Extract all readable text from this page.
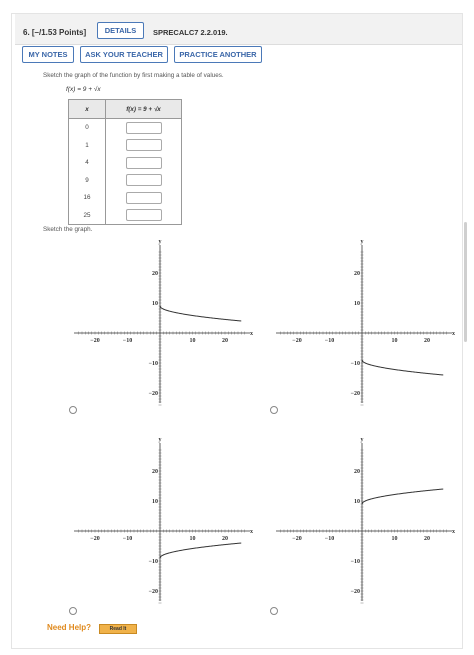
6. [–/1.53 Points]	DETAILS	SPRECALC7 2.2.019.
MY NOTES	ASK YOUR TEACHER	PRACTICE ANOTHER
Sketch the graph of the function by first making a table of values.
f(x) = 9 + √x
x	f(x) = 9 + √x
0	
1	
4	
9	
16	
25	
Sketch the graph.
x
y
−20	−10	10	20
20
10
−10
−20
x
y
−20	−10	10	20
20
10
−10
−20
x
y
−20	−10	10	20
20
10
−10
−20
x
y
−20	−10	10	20
20
10
−10
−20
Need Help?	Read It
